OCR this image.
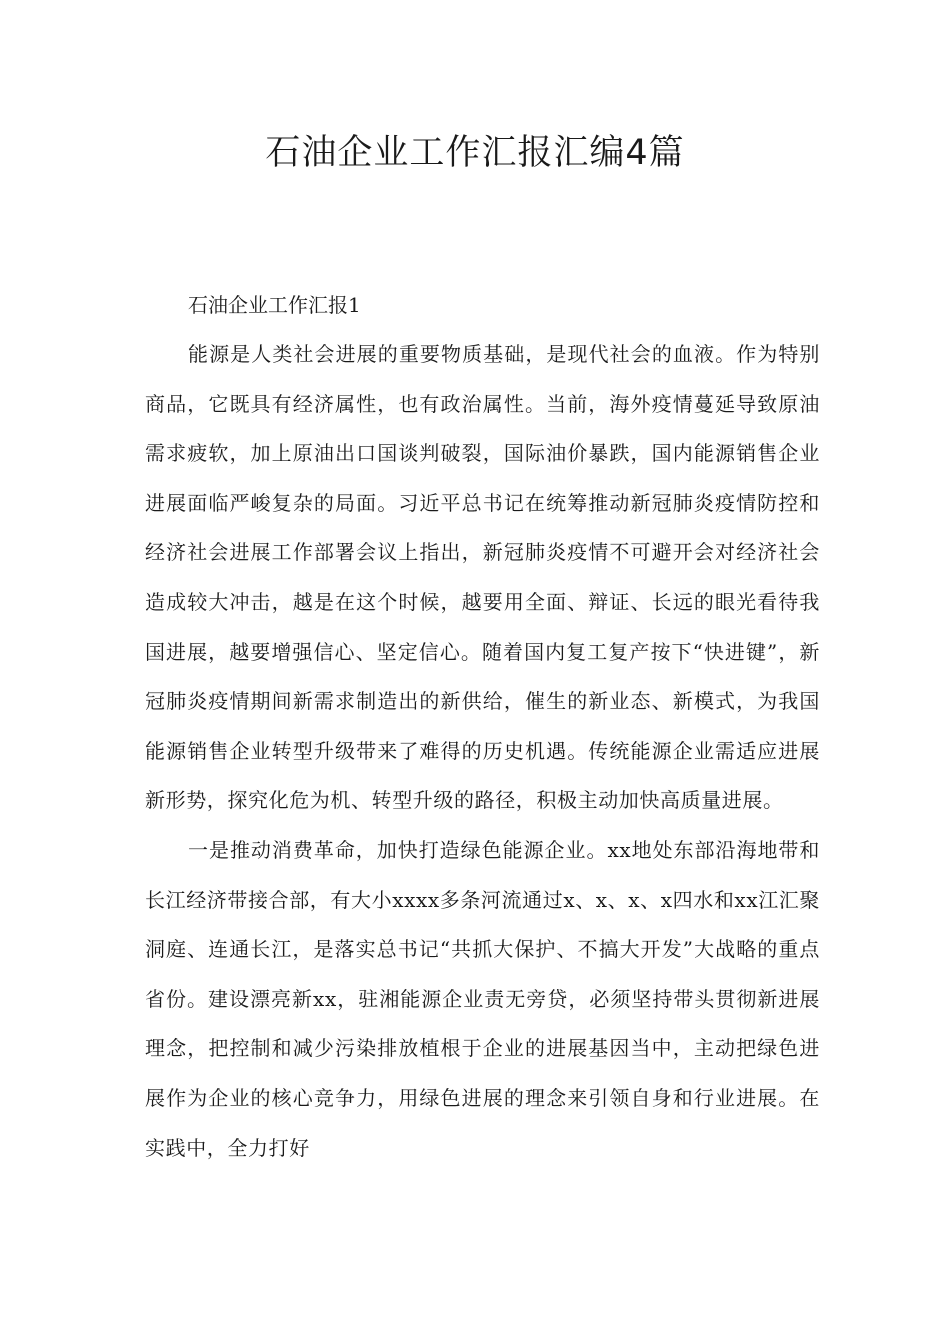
石油企业工作汇报汇编4篇
石油企业工作汇报1

能源是人类社会进展的重要物质基础，是现代社会的血液。作为特别商品，它既具有经济属性，也有政治属性。当前，海外疫情蔓延导致原油需求疲软，加上原油出口国谈判破裂，国际油价暴跌，国内能源销售企业进展面临严峻复杂的局面。习近平总书记在统筹推动新冠肺炎疫情防控和经济社会进展工作部署会议上指出，新冠肺炎疫情不可避开会对经济社会造成较大冲击，越是在这个时候，越要用全面、辩证、长远的眼光看待我国进展，越要增强信心、坚定信心。随着国内复工复产按下“快进键”，新冠肺炎疫情期间新需求制造出的新供给，催生的新业态、新模式，为我国能源销售企业转型升级带来了难得的历史机遇。传统能源企业需适应进展新形势，探究化危为机、转型升级的路径，积极主动加快高质量进展。

一是推动消费革命，加快打造绿色能源企业。xx地处东部沿海地带和长江经济带接合部，有大小xxxx多条河流通过x、x、x、x四水和xx江汇聚洞庭、连通长江，是落实总书记“共抓大保护、不搞大开发”大战略的重点省份。建设漂亮新xx，驻湘能源企业责无旁贷，必须坚持带头贯彻新进展理念，把控制和减少污染排放植根于企业的进展基因当中，主动把绿色进展作为企业的核心竞争力，用绿色进展的理念来引领自身和行业进展。在实践中，全力打好
